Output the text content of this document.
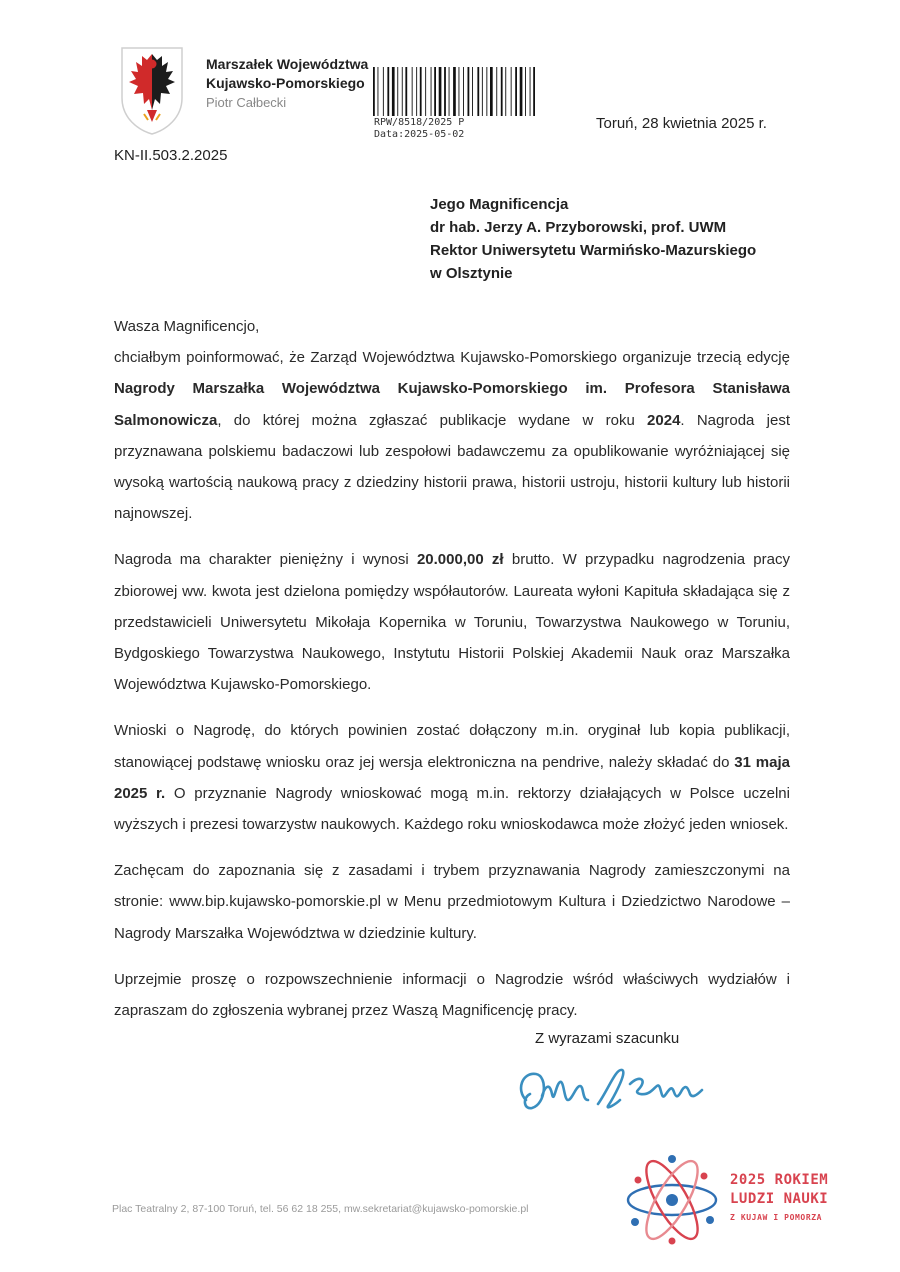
Marszałek Województwa
Kujawsko-Pomorskiego
Piotr Całbecki
RPW/8518/2025 P
Data:2025-05-02
Toruń, 28 kwietnia 2025 r.
KN-II.503.2.2025
Jego Magnificencja
dr hab. Jerzy A. Przyborowski, prof. UWM
Rektor Uniwersytetu Warmińsko-Mazurskiego
w Olsztynie

Wasza Magnificencjo,

chciałbym poinformować, że Zarząd Województwa Kujawsko-Pomorskiego organizuje trzecią edycję Nagrody Marszałka Województwa Kujawsko-Pomorskiego im. Profesora Stanisława Salmonowicza, do której można zgłaszać publikacje wydane w roku 2024. Nagroda jest przyznawana polskiemu badaczowi lub zespołowi badawczemu za opublikowanie wyróżniającej się wysoką wartością naukową pracy z dziedziny historii prawa, historii ustroju, historii kultury lub historii najnowszej.

Nagroda ma charakter pieniężny i wynosi 20.000,00 zł brutto. W przypadku nagrodzenia pracy zbiorowej ww. kwota jest dzielona pomiędzy współautorów. Laureata wyłoni Kapituła składająca się z przedstawicieli Uniwersytetu Mikołaja Kopernika w Toruniu, Towarzystwa Naukowego w Toruniu, Bydgoskiego Towarzystwa Naukowego, Instytutu Historii Polskiej Akademii Nauk oraz Marszałka Województwa Kujawsko-Pomorskiego.

Wnioski o Nagrodę, do których powinien zostać dołączony m.in. oryginał lub kopia publikacji, stanowiącej podstawę wniosku oraz jej wersja elektroniczna na pendrive, należy składać do 31 maja 2025 r. O przyznanie Nagrody wnioskować mogą m.in. rektorzy działających w Polsce uczelni wyższych i prezesi towarzystw naukowych. Każdego roku wnioskodawca może złożyć jeden wniosek.

Zachęcam do zapoznania się z zasadami i trybem przyznawania Nagrody zamieszczonymi na stronie: www.bip.kujawsko-pomorskie.pl w Menu przedmiotowym Kultura i Dziedzictwo Narodowe – Nagrody Marszałka Województwa w dziedzinie kultury.

Uprzejmie proszę o rozpowszechnienie informacji o Nagrodzie wśród właściwych wydziałów i zapraszam do zgłoszenia wybranej przez Waszą Magnificencję pracy.

Z wyrazami szacunku
Plac Teatralny 2, 87-100 Toruń, tel. 56 62 18 255, mw.sekretariat@kujawsko-pomorskie.pl
2025 ROKIEM
LUDZI NAUKI
Z KUJAW I POMORZA
